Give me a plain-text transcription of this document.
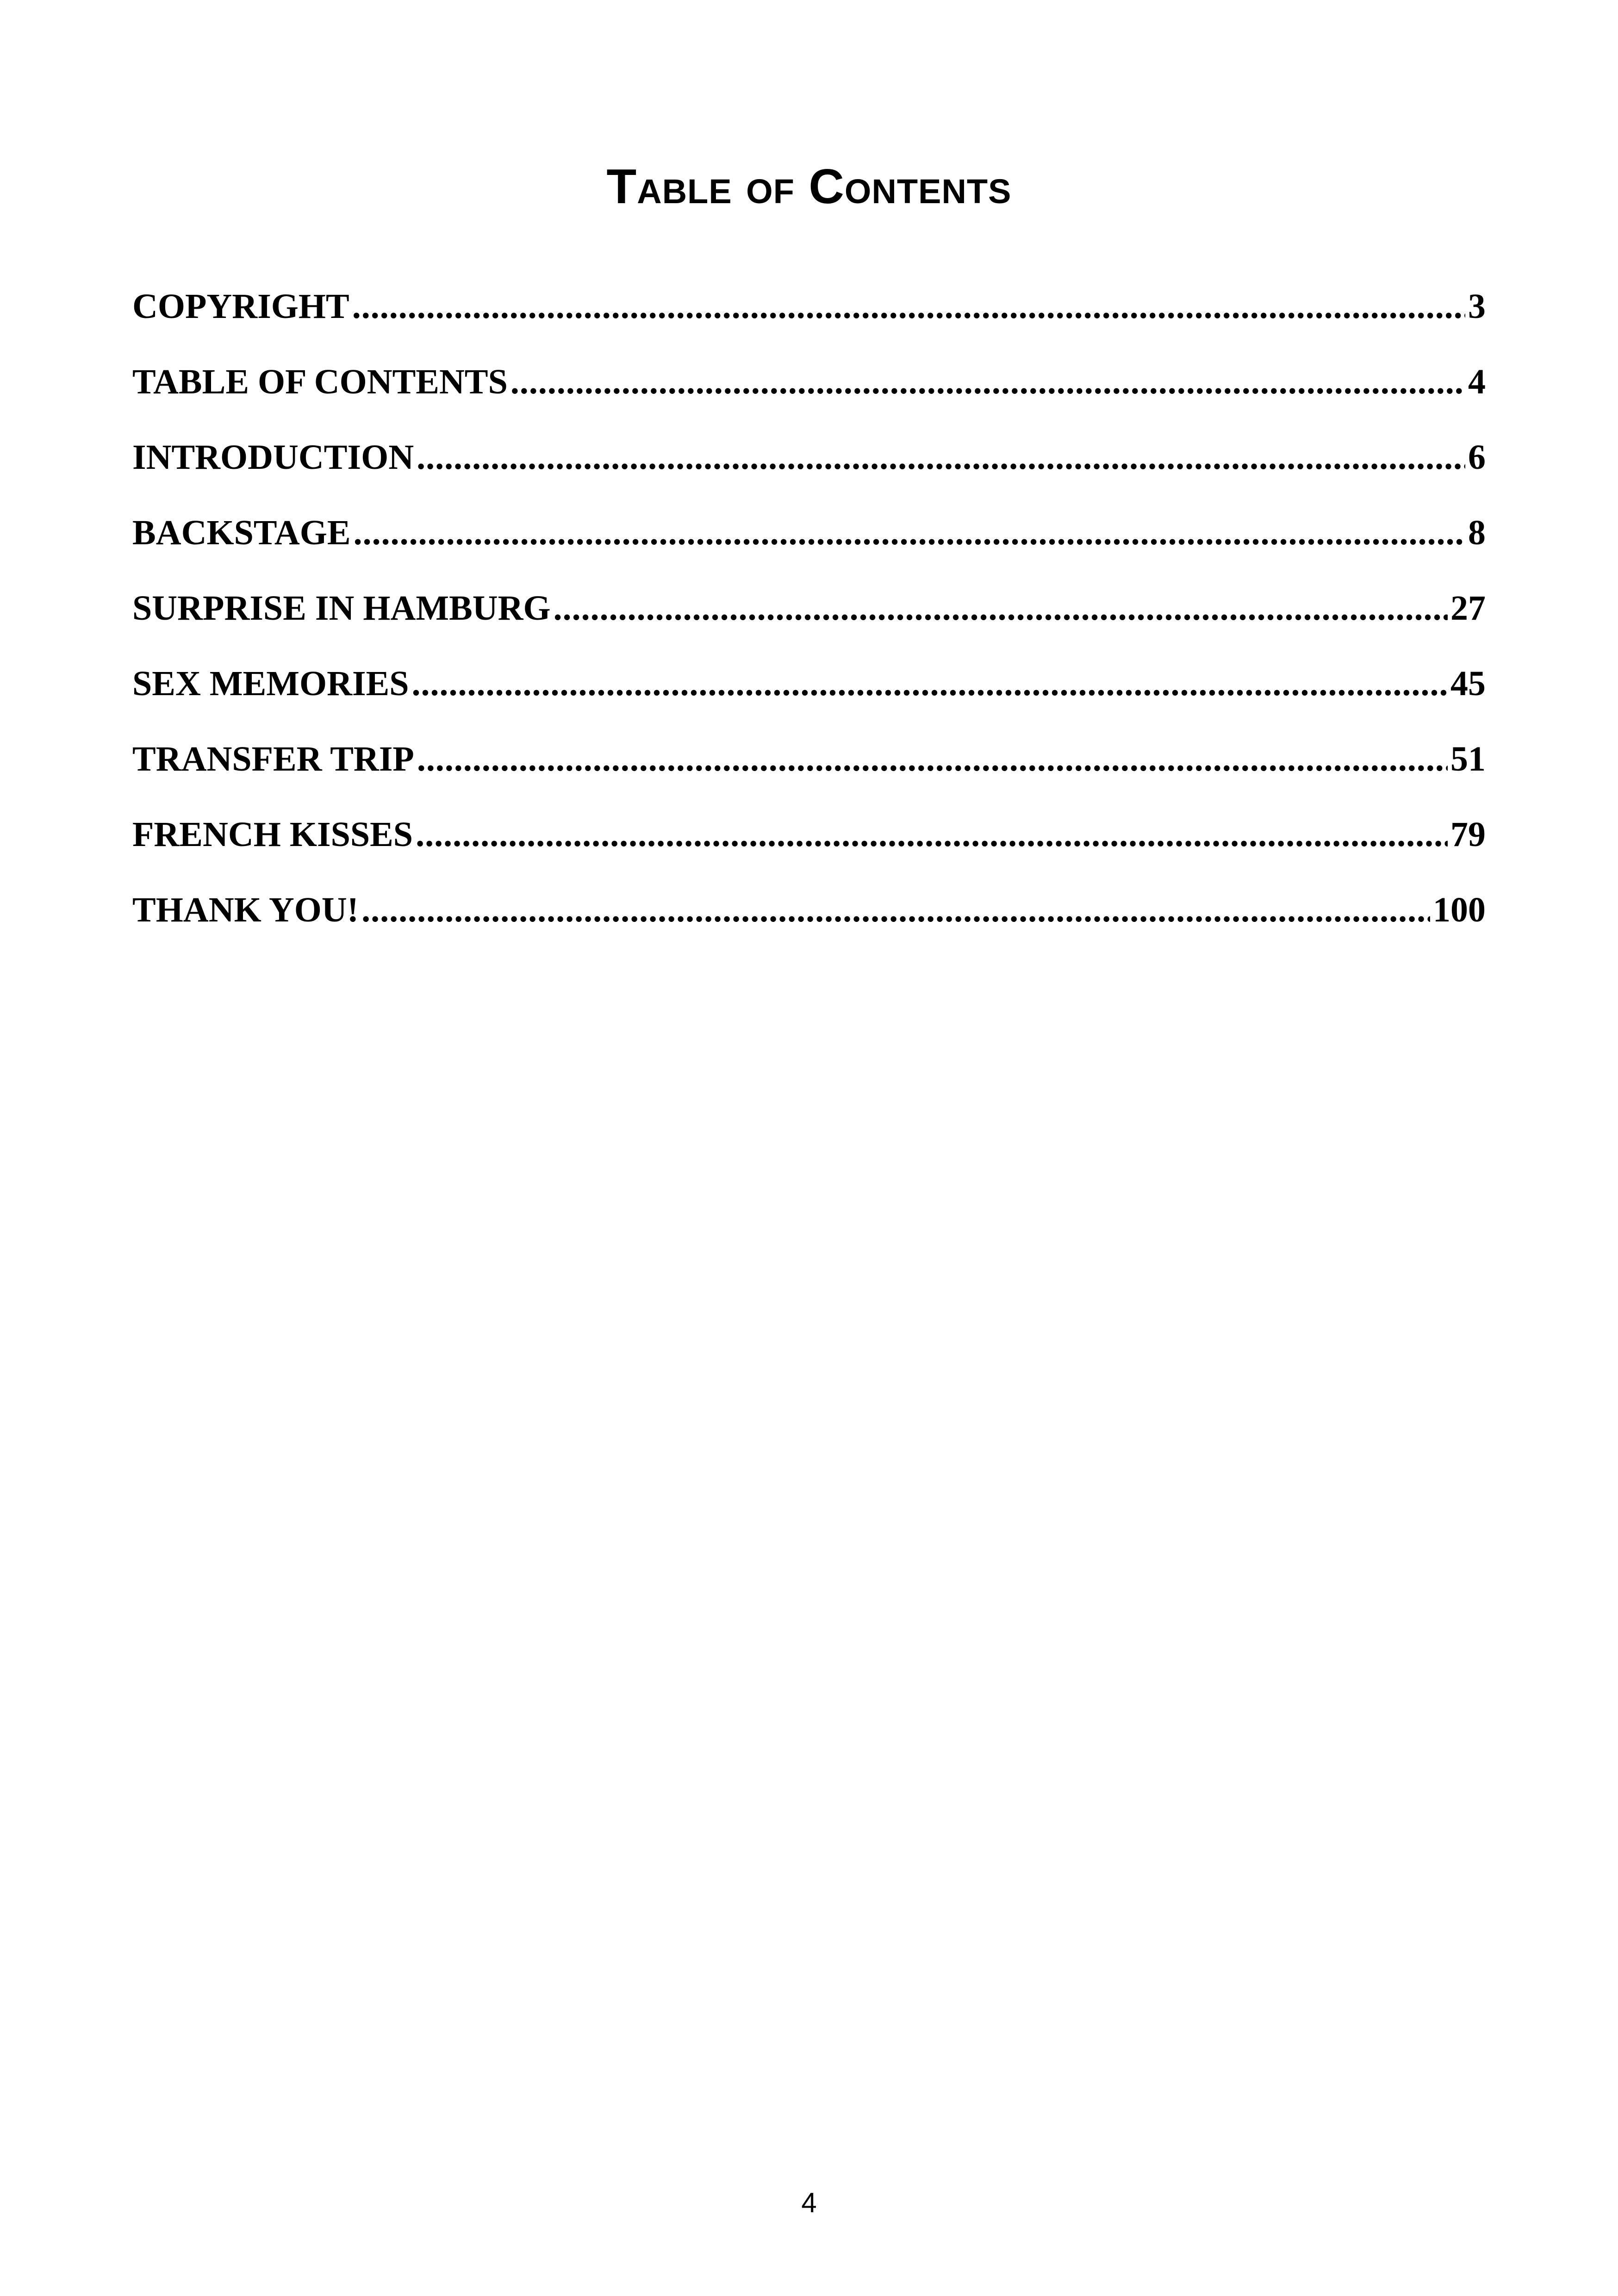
Table of Contents
COPYRIGHT .....	3
TABLE OF CONTENTS .....	4
INTRODUCTION .....	6
BACKSTAGE .....	8
SURPRISE IN HAMBURG .....	27
SEX MEMORIES .....	45
TRANSFER TRIP .....	51
FRENCH KISSES .....	79
THANK YOU! .....	100
4
